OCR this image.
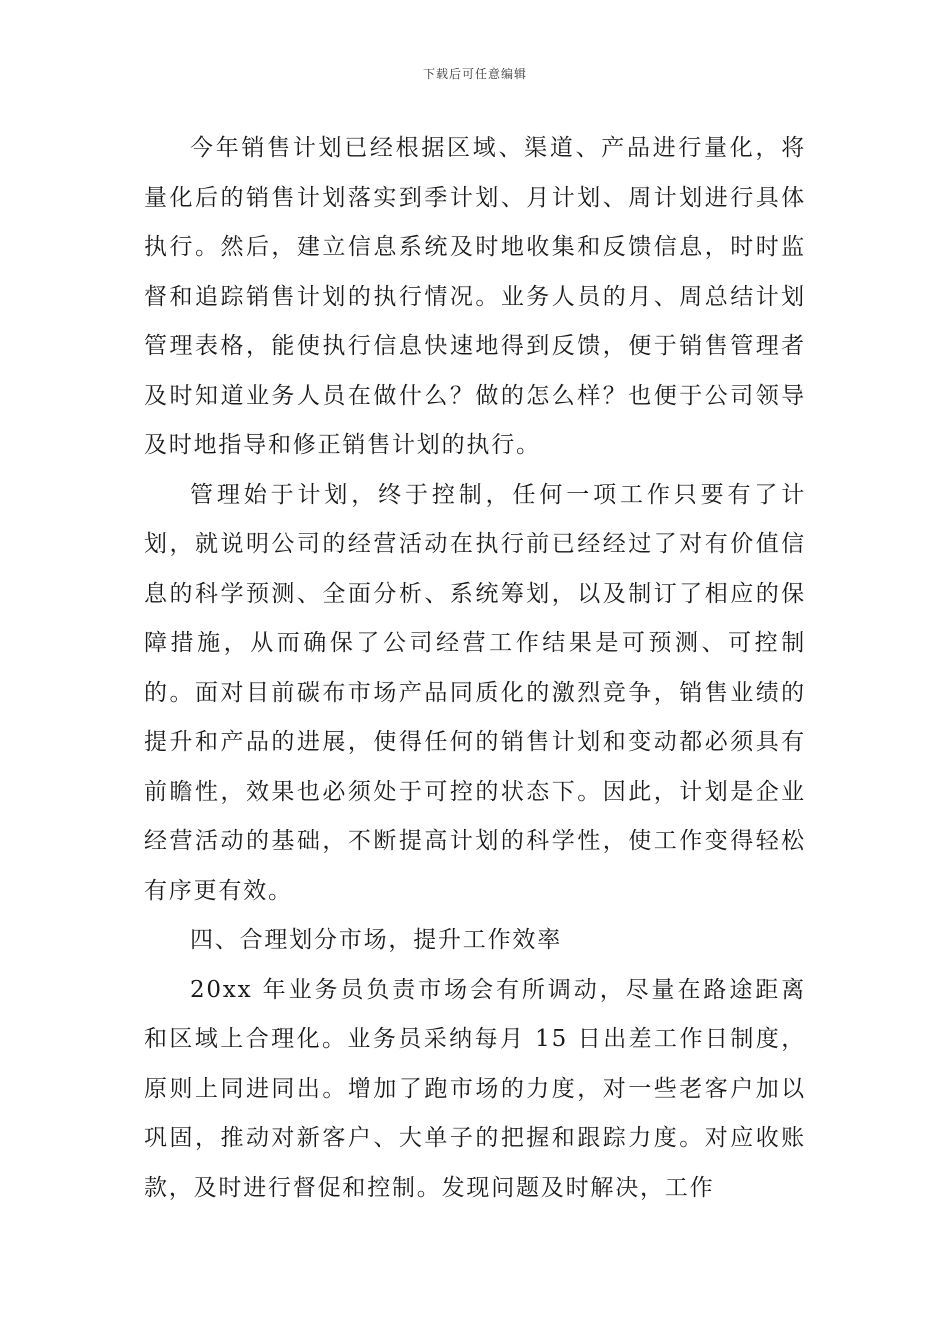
下载后可任意编辑

今年销售计划已经根据区域、渠道、产品进行量化，将量化后的销售计划落实到季计划、月计划、周计划进行具体执行。然后，建立信息系统及时地收集和反馈信息，时时监督和追踪销售计划的执行情况。业务人员的月、周总结计划管理表格，能使执行信息快速地得到反馈，便于销售管理者及时知道业务人员在做什么？做的怎么样？也便于公司领导及时地指导和修正销售计划的执行。

管理始于计划，终于控制，任何一项工作只要有了计划，就说明公司的经营活动在执行前已经经过了对有价值信息的科学预测、全面分析、系统筹划，以及制订了相应的保障措施，从而确保了公司经营工作结果是可预测、可控制的。面对目前碳布市场产品同质化的激烈竞争，销售业绩的提升和产品的进展，使得任何的销售计划和变动都必须具有前瞻性，效果也必须处于可控的状态下。因此，计划是企业经营活动的基础，不断提高计划的科学性，使工作变得轻松有序更有效。

四、合理划分市场，提升工作效率

20xx 年业务员负责市场会有所调动，尽量在路途距离和区域上合理化。业务员采纳每月 15 日出差工作日制度，原则上同进同出。增加了跑市场的力度，对一些老客户加以巩固，推动对新客户、大单子的把握和跟踪力度。对应收账款，及时进行督促和控制。发现问题及时解决，工作
